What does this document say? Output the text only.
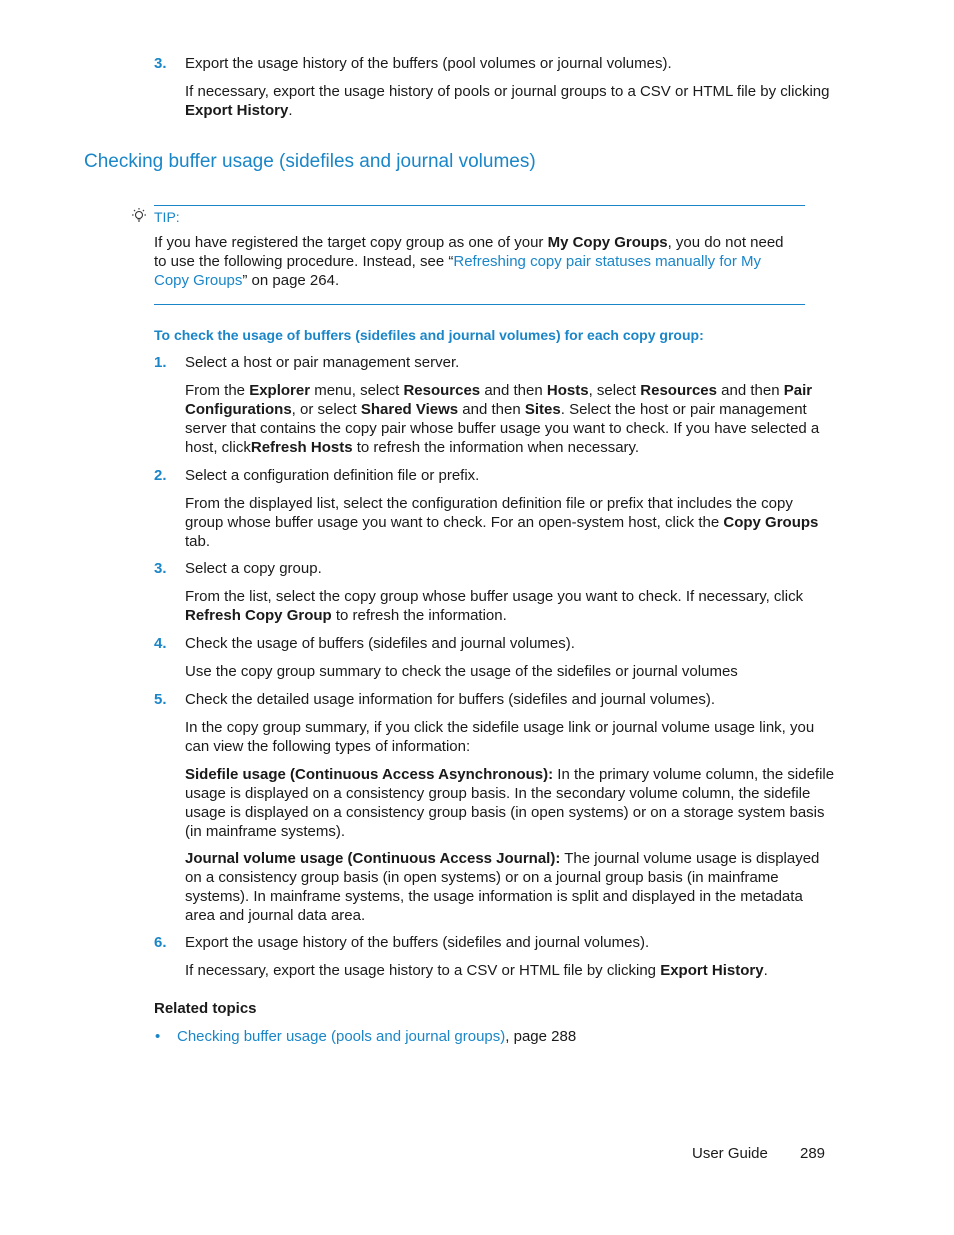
3.	Export the usage history of the buffers (pool volumes or journal volumes).
If necessary, export the usage history of pools or journal groups to a CSV or HTML file by clicking Export History.
Checking buffer usage (sidefiles and journal volumes)
TIP:
If you have registered the target copy group as one of your My Copy Groups, you do not need to use the following procedure. Instead, see “Refreshing copy pair statuses manually for My Copy Groups” on page 264.
To check the usage of buffers (sidefiles and journal volumes) for each copy group:
1.	Select a host or pair management server.
From the Explorer menu, select Resources and then Hosts, select Resources and then Pair Configurations, or select Shared Views and then Sites. Select the host or pair management server that contains the copy pair whose buffer usage you want to check. If you have selected a host, clickRefresh Hosts to refresh the information when necessary.
2.	Select a configuration definition file or prefix.
From the displayed list, select the configuration definition file or prefix that includes the copy group whose buffer usage you want to check. For an open-system host, click the Copy Groups tab.
3.	Select a copy group.
From the list, select the copy group whose buffer usage you want to check. If necessary, click Refresh Copy Group to refresh the information.
4.	Check the usage of buffers (sidefiles and journal volumes).
Use the copy group summary to check the usage of the sidefiles or journal volumes
5.	Check the detailed usage information for buffers (sidefiles and journal volumes).
In the copy group summary, if you click the sidefile usage link or journal volume usage link, you can view the following types of information:
Sidefile usage (Continuous Access Asynchronous): In the primary volume column, the sidefile usage is displayed on a consistency group basis. In the secondary volume column, the sidefile usage is displayed on a consistency group basis (in open systems) or on a storage system basis (in mainframe systems).
Journal volume usage (Continuous Access Journal): The journal volume usage is displayed on a consistency group basis (in open systems) or on a journal group basis (in mainframe systems). In mainframe systems, the usage information is split and displayed in the metadata area and journal data area.
6.	Export the usage history of the buffers (sidefiles and journal volumes).
If necessary, export the usage history to a CSV or HTML file by clicking Export History.
Related topics
• Checking buffer usage (pools and journal groups), page 288
User Guide 289
